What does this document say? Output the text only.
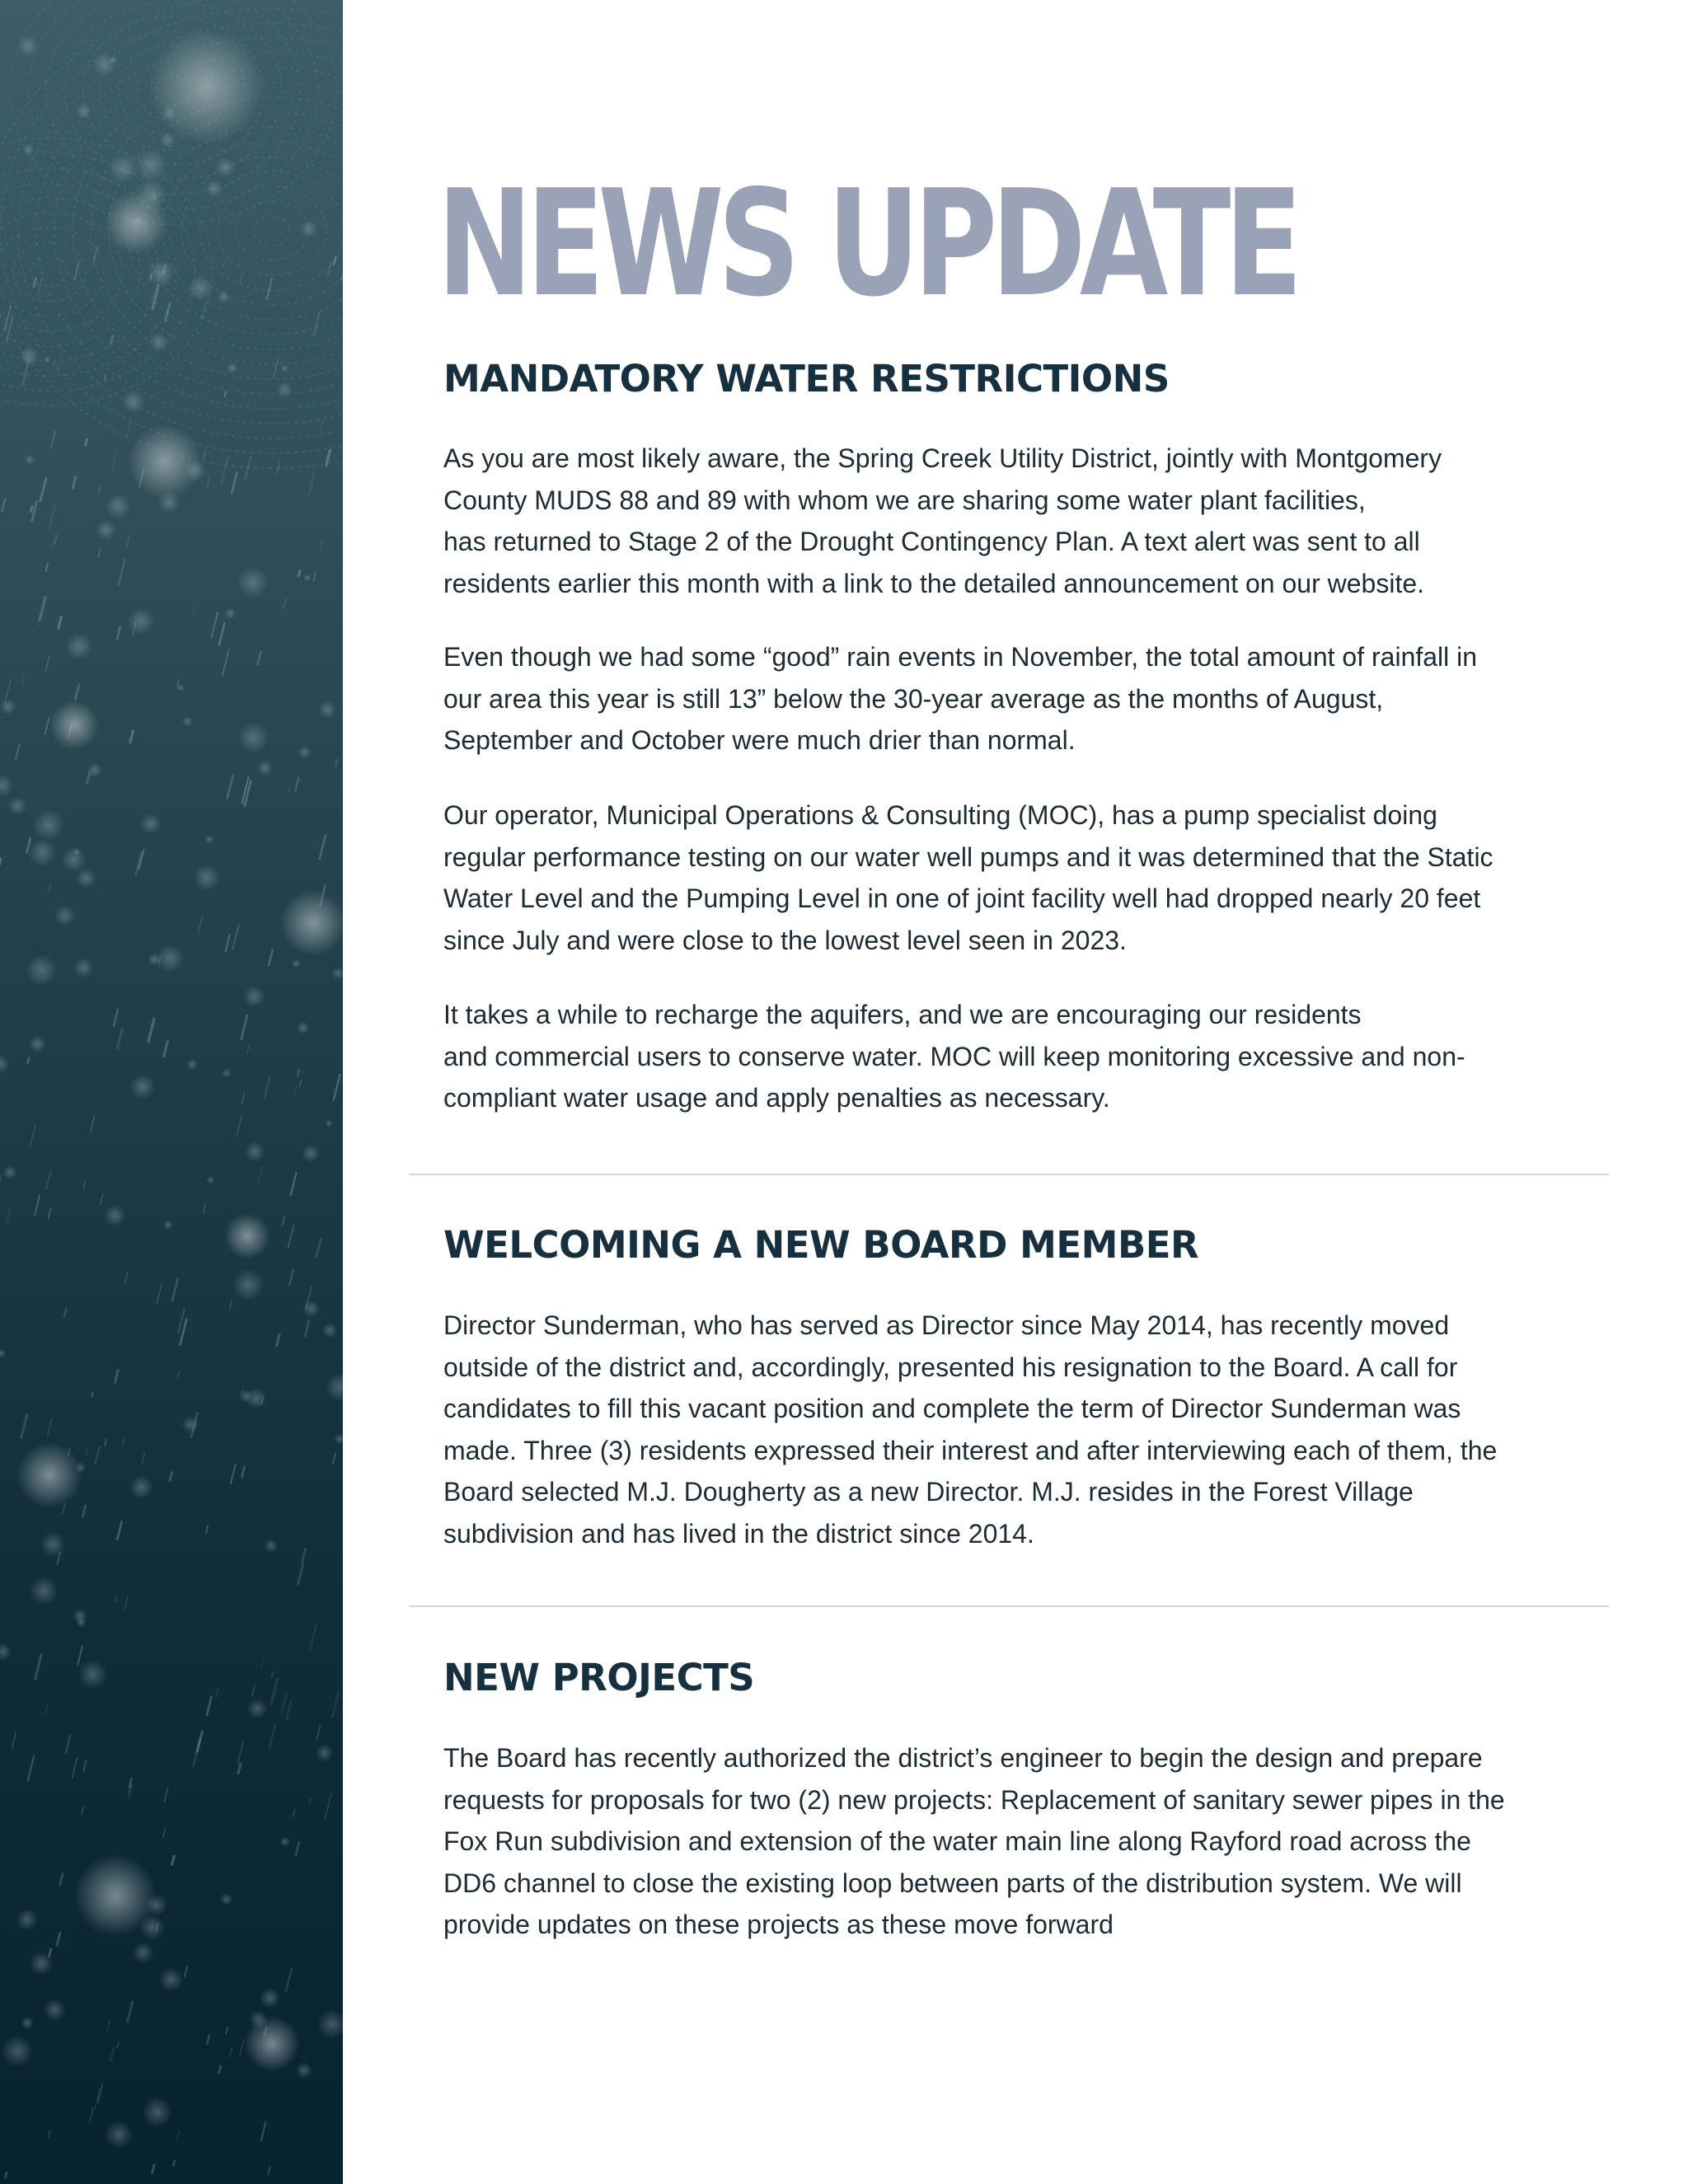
NEWS UPDATE
MANDATORY WATER RESTRICTIONS

As you are most likely aware, the Spring Creek Utility District, jointly with Montgomery
County MUDS 88 and 89 with whom we are sharing some water plant facilities,
has returned to Stage 2 of the Drought Contingency Plan. A text alert was sent to all
residents earlier this month with a link to the detailed announcement on our website.

Even though we had some “good” rain events in November, the total amount of rainfall in
our area this year is still 13” below the 30-year average as the months of August,
September and October were much drier than normal.

Our operator, Municipal Operations & Consulting (MOC), has a pump specialist doing
regular performance testing on our water well pumps and it was determined that the Static
Water Level and the Pumping Level in one of joint facility well had dropped nearly 20 feet
since July and were close to the lowest level seen in 2023.

It takes a while to recharge the aquifers, and we are encouraging our residents
and commercial users to conserve water. MOC will keep monitoring excessive and non-
compliant water usage and apply penalties as necessary.

WELCOMING A NEW BOARD MEMBER

Director Sunderman, who has served as Director since May 2014, has recently moved
outside of the district and, accordingly, presented his resignation to the Board. A call for
candidates to fill this vacant position and complete the term of Director Sunderman was
made. Three (3) residents expressed their interest and after interviewing each of them, the
Board selected M.J. Dougherty as a new Director. M.J. resides in the Forest Village
subdivision and has lived in the district since 2014.

NEW PROJECTS

The Board has recently authorized the district’s engineer to begin the design and prepare
requests for proposals for two (2) new projects: Replacement of sanitary sewer pipes in the
Fox Run subdivision and extension of the water main line along Rayford road across the
DD6 channel to close the existing loop between parts of the distribution system. We will
provide updates on these projects as these move forward
